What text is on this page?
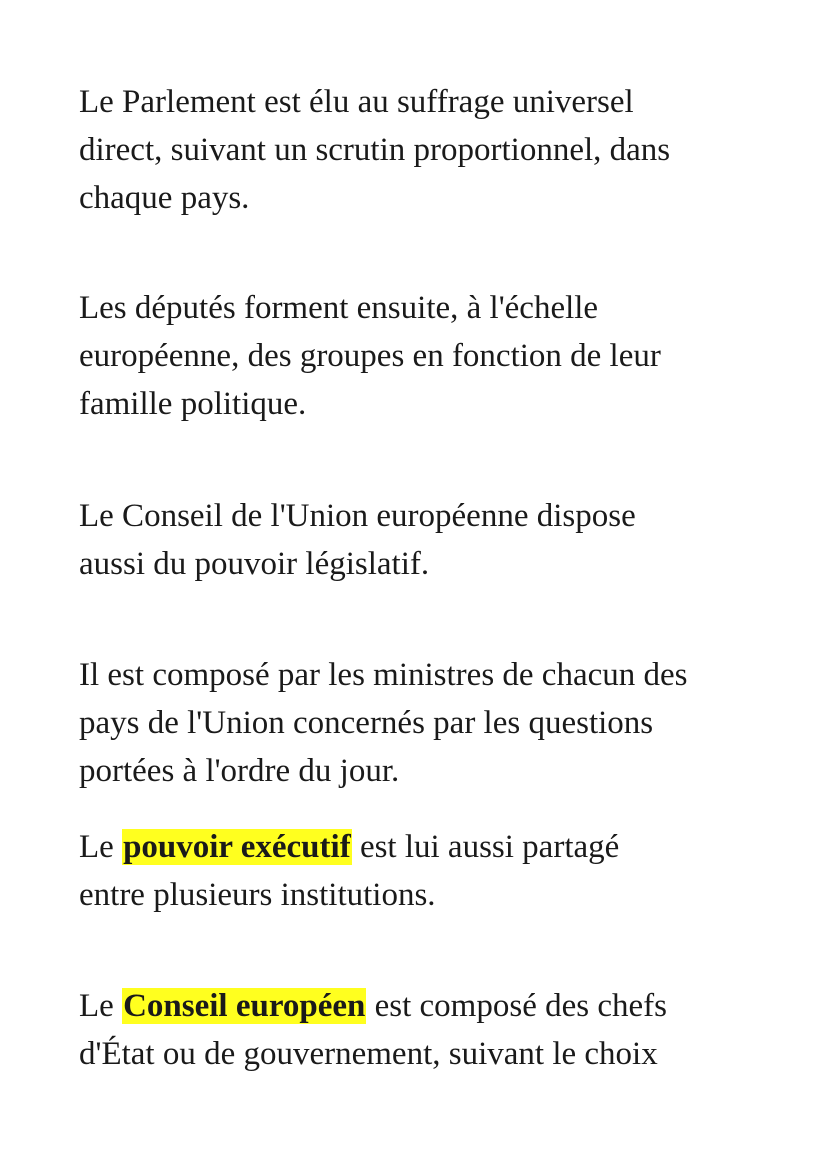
Le Parlement est élu au suffrage universel
direct, suivant un scrutin proportionnel, dans
chaque pays.

Les députés forment ensuite, à l'échelle
européenne, des groupes en fonction de leur
famille politique.

Le Conseil de l'Union européenne dispose
aussi du pouvoir législatif.

Il est composé par les ministres de chacun des
pays de l'Union concernés par les questions
portées à l'ordre du jour.

Le pouvoir exécutif est lui aussi partagé
entre plusieurs institutions.

Le Conseil européen est composé des chefs
d'État ou de gouvernement, suivant le choix
